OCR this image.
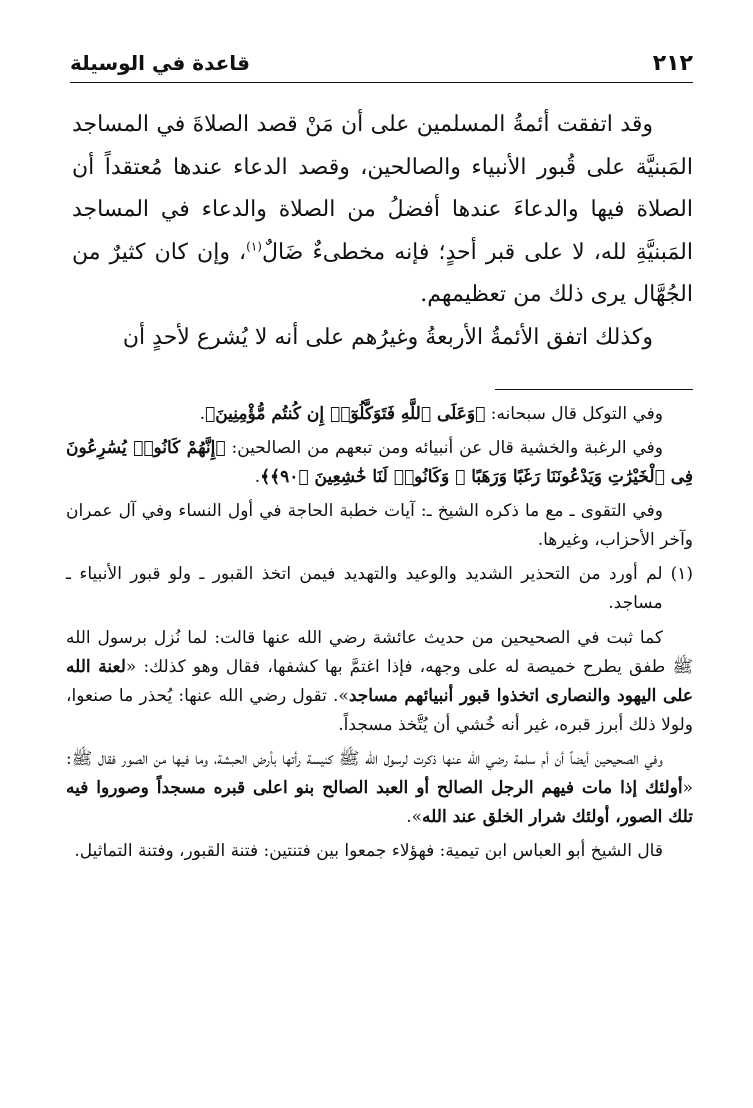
قاعدة في الوسيلة	٢١٢

وقد اتفقت أئمةُ المسلمين على أن مَنْ قصد الصلاةَ في المساجد المَبنيَّة على قُبور الأنبياء والصالحين، وقصد الدعاء عندها مُعتقداً أن الصلاة فيها والدعاءَ عندها أفضلُ من الصلاة والدعاء في المساجد المَبنيَّةِ لله، لا على قبر أحدٍ؛ فإنه مخطىءٌ ضَالٌ$^{(١)}$، وإن كان كثيرٌ من الجُهَّال يرى ذلك من تعظيمهم.

وكذلك اتفق الأئمةُ الأربعةُ وغيرُهم على أنه لا يُشرع لأحدٍ أن

وفي التوكل قال سبحانه: ﴿وَعَلَى ٱللَّهِ فَتَوَكَّلُوٓا۟ إِن كُنتُم مُّؤْمِنِينَ﴾.

وفي الرغبة والخشية قال عن أنبيائه ومن تبعهم من الصالحين: ﴿إِنَّهُمْ كَانُوا۟ يُسَٰرِعُونَ فِى ٱلْخَيْرَٰتِ وَيَدْعُونَنَا رَغَبًا وَرَهَبًا ۖ وَكَانُوا۟ لَنَا خَٰشِعِينَ ﴿٩٠﴾﴾.

وفي التقوى ـ مع ما ذكره الشيخ ـ: آيات خطبة الحاجة في أول النساء وفي آل عمران وآخر الأحزاب، وغيرها.

(١)
لم أورد من التحذير الشديد والوعيد والتهديد فيمن اتخذ القبور ـ ولو قبور الأنبياء ـ مساجد.

كما ثبت في الصحيحين من حديث عائشة رضي الله عنها قالت: لما نُزل برسول الله ﷺ طفق يطرح خميصة له على وجهه، فإذا اغتمَّ بها كشفها، فقال وهو كذلك: «لعنة الله على اليهود والنصارى اتخذوا قبور أنبيائهم مساجد». تقول رضي الله عنها: يُحذر ما صنعوا، ولولا ذلك أبرز قبره، غير أنه خُشي أن يُتَّخذ مسجداً.

وفي الصحيحين أيضاً أن أم سلمة رضي الله عنها ذكرت لرسول الله ﷺ كنيسة رأتها بأرض الحبشة، وما فيها من الصور فقال ﷺ: «أولئك إذا مات فيهم الرجل الصالح أو العبد الصالح بنو اعلى قبره مسجداً وصوروا فيه تلك الصور، أولئك شرار الخلق عند الله».

قال الشيخ أبو العباس ابن تيمية: فهؤلاء جمعوا بين فتنتين: فتنة القبور، وفتنة التماثيل.
